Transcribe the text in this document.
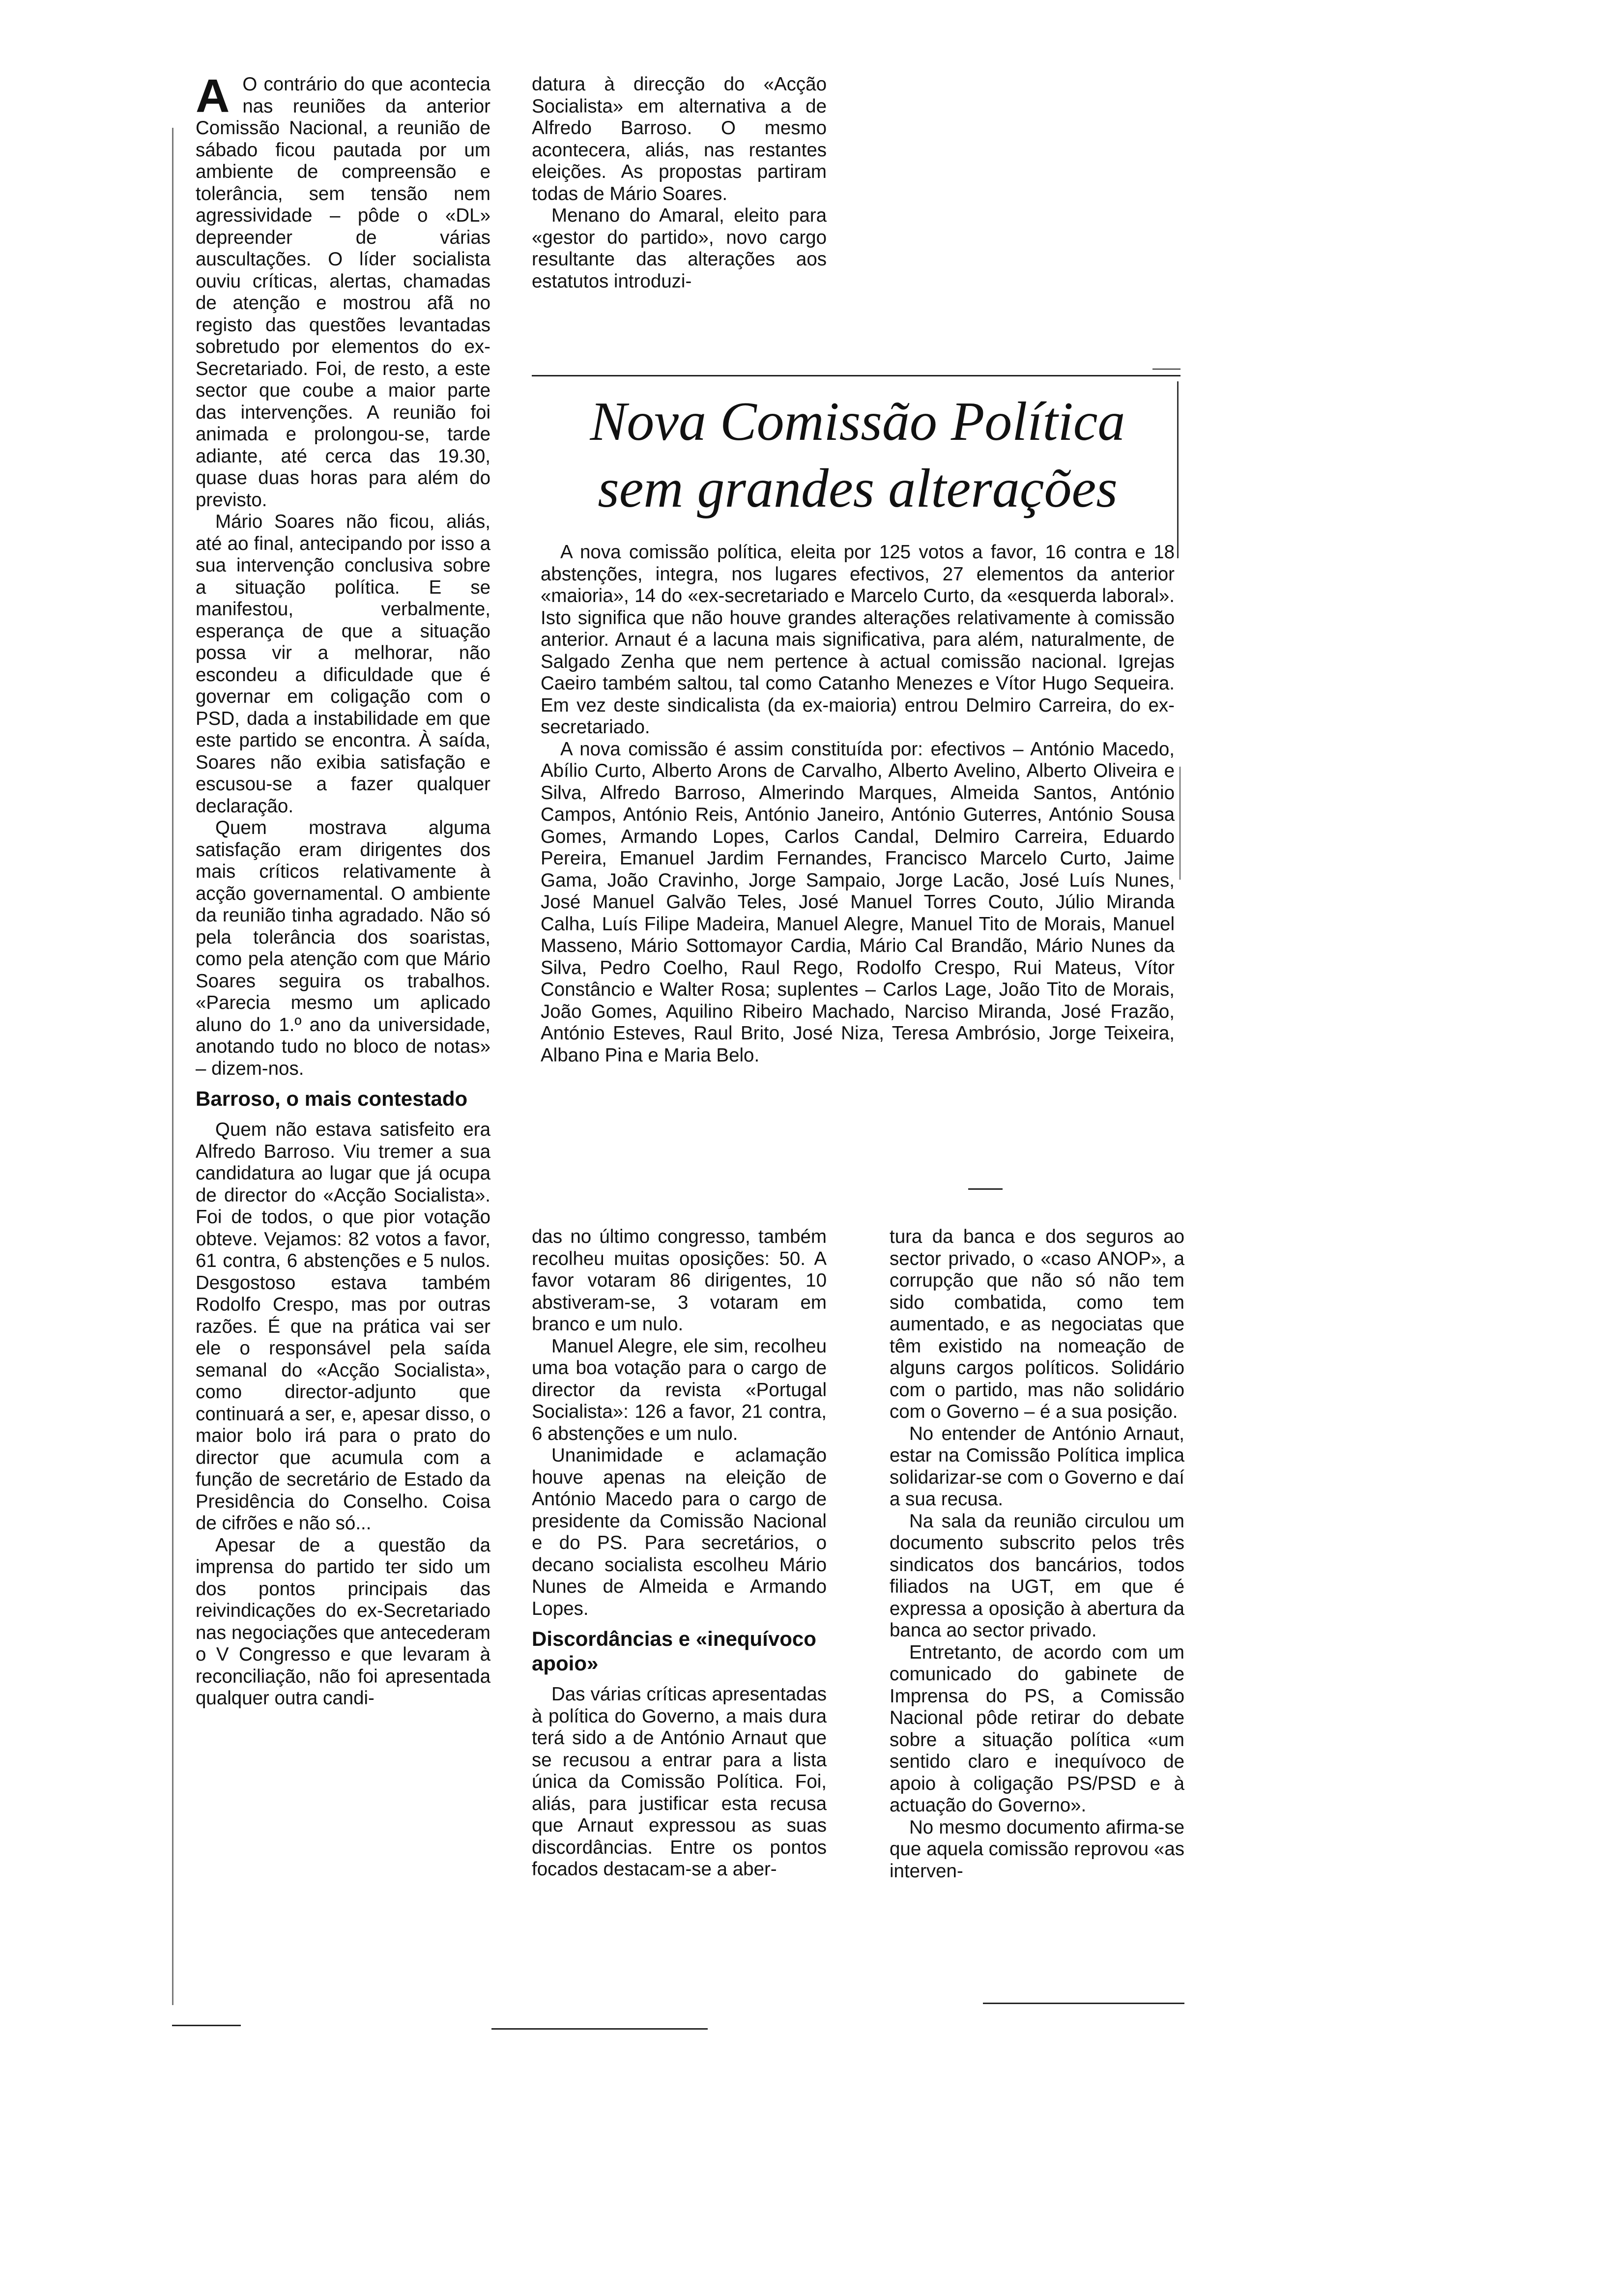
A O contrário do que acontecia nas reuniões da anterior Comissão Nacional, a reunião de sábado ficou pautada por um ambiente de compreensão e tolerância, sem tensão nem agressividade – pôde o «DL» depreender de várias auscultações. O líder socialista ouviu críticas, alertas, chamadas de atenção e mostrou afã no registo das questões levantadas sobretudo por elementos do ex-Secretariado. Foi, de resto, a este sector que coube a maior parte das intervenções. A reunião foi animada e prolongou-se, tarde adiante, até cerca das 19.30, quase duas horas para além do previsto.

Mário Soares não ficou, aliás, até ao final, antecipando por isso a sua intervenção conclusiva sobre a situação política. E se manifestou, verbalmente, esperança de que a situação possa vir a melhorar, não escondeu a dificuldade que é governar em coligação com o PSD, dada a instabilidade em que este partido se encontra. À saída, Soares não exibia satisfação e escusou-se a fazer qualquer declaração.

Quem mostrava alguma satisfação eram dirigentes dos mais críticos relativamente à acção governamental. O ambiente da reunião tinha agradado. Não só pela tolerância dos soaristas, como pela atenção com que Mário Soares seguira os trabalhos. «Parecia mesmo um aplicado aluno do 1.º ano da universidade, anotando tudo no bloco de notas» – dizem-nos.

Barroso, o mais contestado

Quem não estava satisfeito era Alfredo Barroso. Viu tremer a sua candidatura ao lugar que já ocupa de director do «Acção Socialista». Foi de todos, o que pior votação obteve. Vejamos: 82 votos a favor, 61 contra, 6 abstenções e 5 nulos. Desgostoso estava também Rodolfo Crespo, mas por outras razões. É que na prática vai ser ele o responsável pela saída semanal do «Acção Socialista», como director-adjunto que continuará a ser, e, apesar disso, o maior bolo irá para o prato do director que acumula com a função de secretário de Estado da Presidência do Conselho. Coisa de cifrões e não só...

Apesar de a questão da imprensa do partido ter sido um dos pontos principais das reivindicações do ex-Secretariado nas negociações que antecederam o V Congresso e que levaram à reconciliação, não foi apresentada qualquer outra candi-

datura à direcção do «Acção Socialista» em alternativa a de Alfredo Barroso. O mesmo acontecera, aliás, nas restantes eleições. As propostas partiram todas de Mário Soares.

Menano do Amaral, eleito para «gestor do partido», novo cargo resultante das alterações aos estatutos introduzi-

Nova Comissão Política
sem grandes alterações

A nova comissão política, eleita por 125 votos a favor, 16 contra e 18 abstenções, integra, nos lugares efectivos, 27 elementos da anterior «maioria», 14 do «ex-secretariado e Marcelo Curto, da «esquerda laboral». Isto significa que não houve grandes alterações relativamente à comissão anterior. Arnaut é a lacuna mais significativa, para além, naturalmente, de Salgado Zenha que nem pertence à actual comissão nacional. Igrejas Caeiro também saltou, tal como Catanho Menezes e Vítor Hugo Sequeira. Em vez deste sindicalista (da ex-maioria) entrou Delmiro Carreira, do ex-secretariado.

A nova comissão é assim constituída por: efectivos – António Macedo, Abílio Curto, Alberto Arons de Carvalho, Alberto Avelino, Alberto Oliveira e Silva, Alfredo Barroso, Almerindo Marques, Almeida Santos, António Campos, António Reis, António Janeiro, António Guterres, António Sousa Gomes, Armando Lopes, Carlos Candal, Delmiro Carreira, Eduardo Pereira, Emanuel Jardim Fernandes, Francisco Marcelo Curto, Jaime Gama, João Cravinho, Jorge Sampaio, Jorge Lacão, José Luís Nunes, José Manuel Galvão Teles, José Manuel Torres Couto, Júlio Miranda Calha, Luís Filipe Madeira, Manuel Alegre, Manuel Tito de Morais, Manuel Masseno, Mário Sottomayor Cardia, Mário Cal Brandão, Mário Nunes da Silva, Pedro Coelho, Raul Rego, Rodolfo Crespo, Rui Mateus, Vítor Constâncio e Walter Rosa; suplentes – Carlos Lage, João Tito de Morais, João Gomes, Aquilino Ribeiro Machado, Narciso Miranda, José Frazão, António Esteves, Raul Brito, José Niza, Teresa Ambrósio, Jorge Teixeira, Albano Pina e Maria Belo.

das no último congresso, também recolheu muitas oposições: 50. A favor votaram 86 dirigentes, 10 abstiveram-se, 3 votaram em branco e um nulo.

Manuel Alegre, ele sim, recolheu uma boa votação para o cargo de director da revista «Portugal Socialista»: 126 a favor, 21 contra, 6 abstenções e um nulo.

Unanimidade e aclamação houve apenas na eleição de António Macedo para o cargo de presidente da Comissão Nacional e do PS. Para secretários, o decano socialista escolheu Mário Nunes de Almeida e Armando Lopes.

Discordâncias e «inequívoco apoio»

Das várias críticas apresentadas à política do Governo, a mais dura terá sido a de António Arnaut que se recusou a entrar para a lista única da Comissão Política. Foi, aliás, para justificar esta recusa que Arnaut expressou as suas discordâncias. Entre os pontos focados destacam-se a aber-

tura da banca e dos seguros ao sector privado, o «caso ANOP», a corrupção que não só não tem sido combatida, como tem aumentado, e as negociatas que têm existido na nomeação de alguns cargos políticos. Solidário com o partido, mas não solidário com o Governo – é a sua posição.

No entender de António Arnaut, estar na Comissão Política implica solidarizar-se com o Governo e daí a sua recusa.

Na sala da reunião circulou um documento subscrito pelos três sindicatos dos bancários, todos filiados na UGT, em que é expressa a oposição à abertura da banca ao sector privado.

Entretanto, de acordo com um comunicado do gabinete de Imprensa do PS, a Comissão Nacional pôde retirar do debate sobre a situação política «um sentido claro e inequívoco de apoio à coligação PS/PSD e à actuação do Governo».

No mesmo documento afirma-se que aquela comissão reprovou «as interven-
